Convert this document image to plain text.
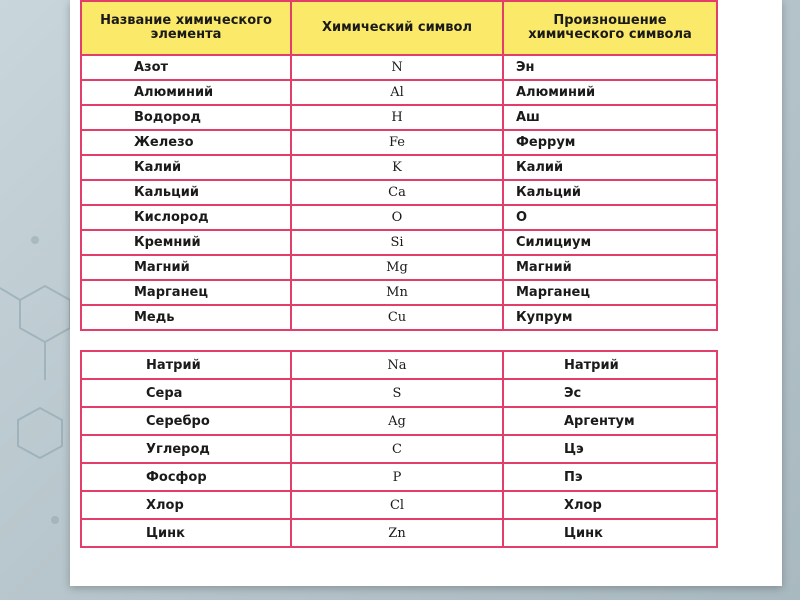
Название химического элемента	Химический символ	Произношение химического символа

Азот	N	Эн
Алюминий	Al	Алюминий
Водород	H	Аш
Железо	Fe	Феррум
Калий	K	Калий
Кальций	Ca	Кальций
Кислород	O	О
Кремний	Si	Силициум
Магний	Mg	Магний
Марганец	Mn	Марганец
Медь	Cu	Купрум
Натрий	Na	Натрий
Сера	S	Эс
Серебро	Ag	Аргентум
Углерод	C	Цэ
Фосфор	P	Пэ
Хлор	Cl	Хлор
Цинк	Zn	Цинк
